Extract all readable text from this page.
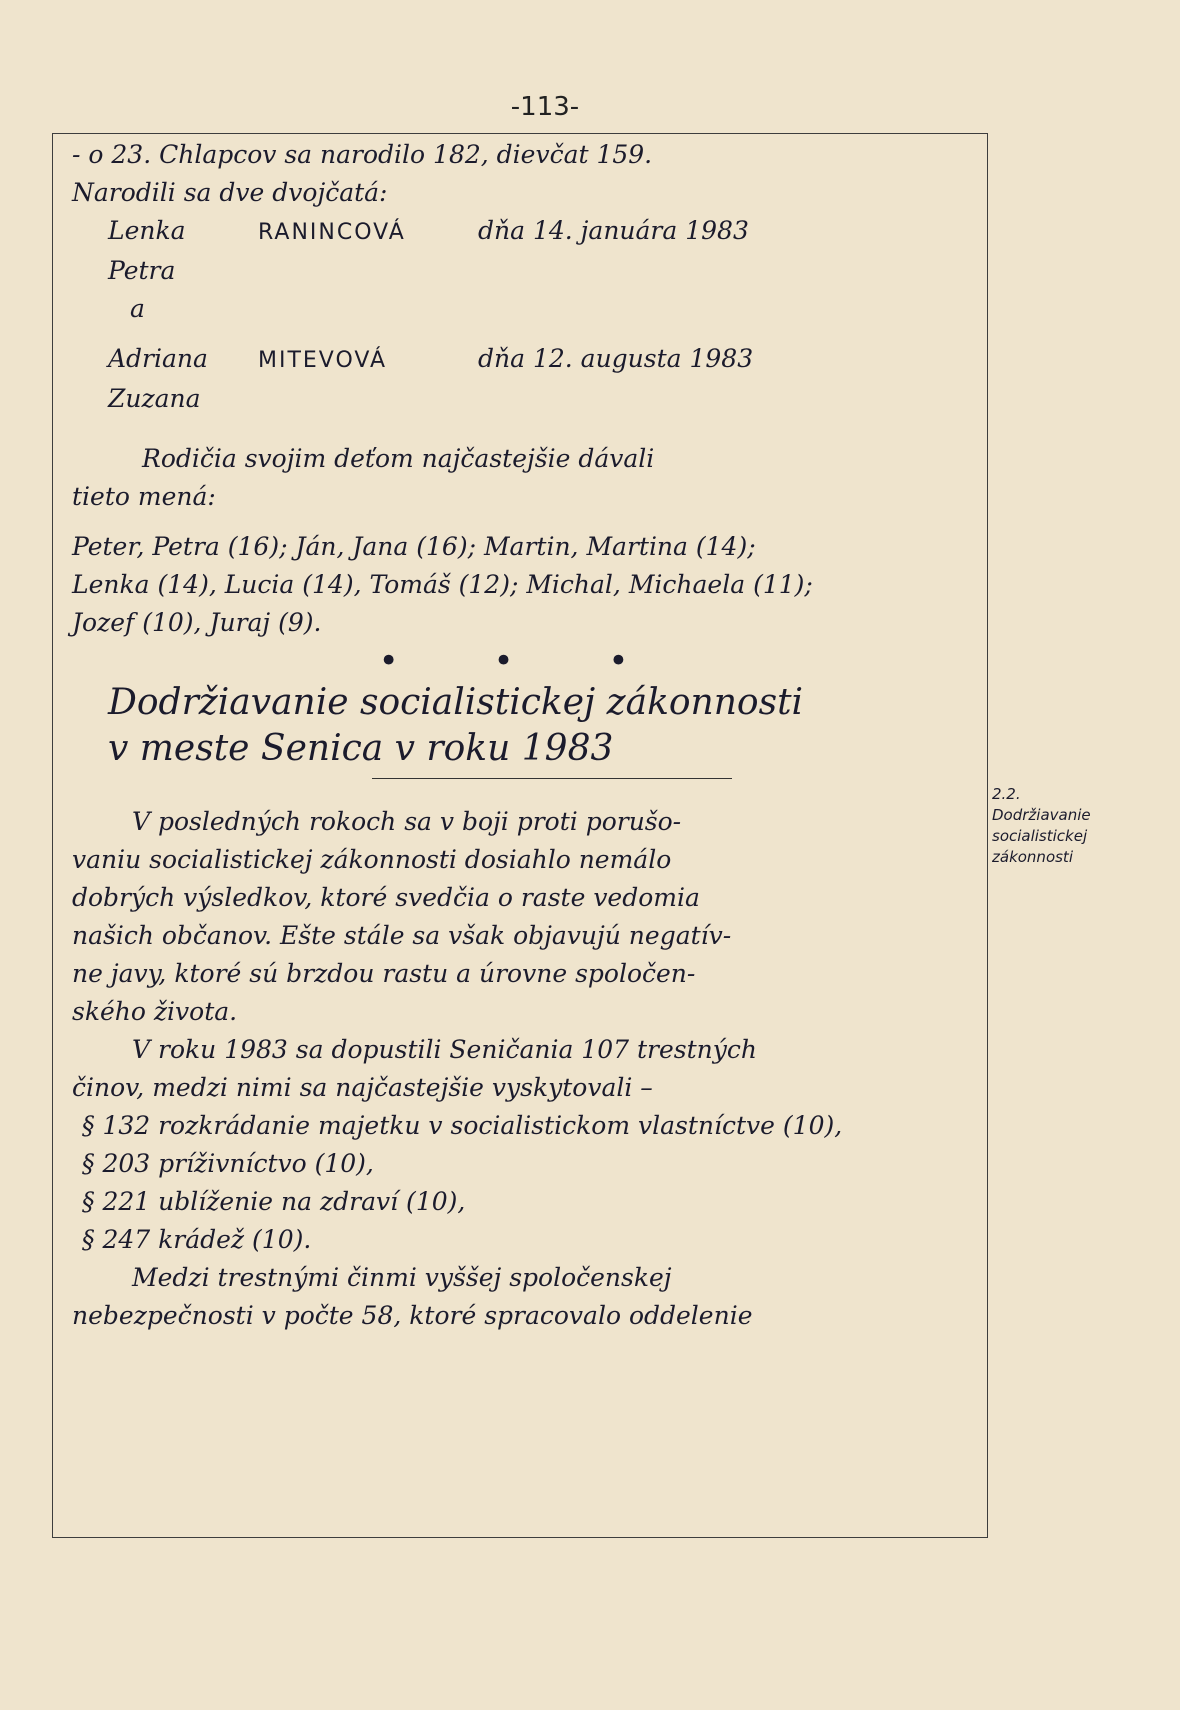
-113-

- o 23. Chlapcov sa narodilo 182, dievčat 159.

Narodili sa dve dvojčatá:

Lenka	RANINCOVÁ	dňa 14. januára 1983
Petra

a

Adriana	MITEVOVÁ	dňa 12. augusta 1983
Zuzana

Rodičia svojim deťom najčastejšie dávali

tieto mená:

Peter, Petra (16); Ján, Jana (16); Martin, Martina (14);

Lenka (14), Lucia (14), Tomáš (12); Michal, Michaela (11);

Jozef (10), Juraj (9).

• • •

Dodržiavanie socialistickej zákonnosti

v meste Senica v roku 1983

V posledných rokoch sa v boji proti porušo-

vaniu socialistickej zákonnosti dosiahlo nemálo

dobrých výsledkov, ktoré svedčia o raste vedomia

našich občanov. Ešte stále sa však objavujú negatív-

ne javy, ktoré sú brzdou rastu a úrovne spoločen-

ského života.

V roku 1983 sa dopustili Seničania 107 trestných

činov, medzi nimi sa najčastejšie vyskytovali –

§ 132 rozkrádanie majetku v socialistickom vlastníctve (10),

§ 203 príživníctvo (10),

§ 221 ublíženie na zdraví (10),

§ 247 krádež (10).

Medzi trestnými činmi vyššej spoločenskej

nebezpečnosti v počte 58, ktoré spracovalo oddelenie

2.2.
Dodržiavanie
socialistickej
zákonnosti
